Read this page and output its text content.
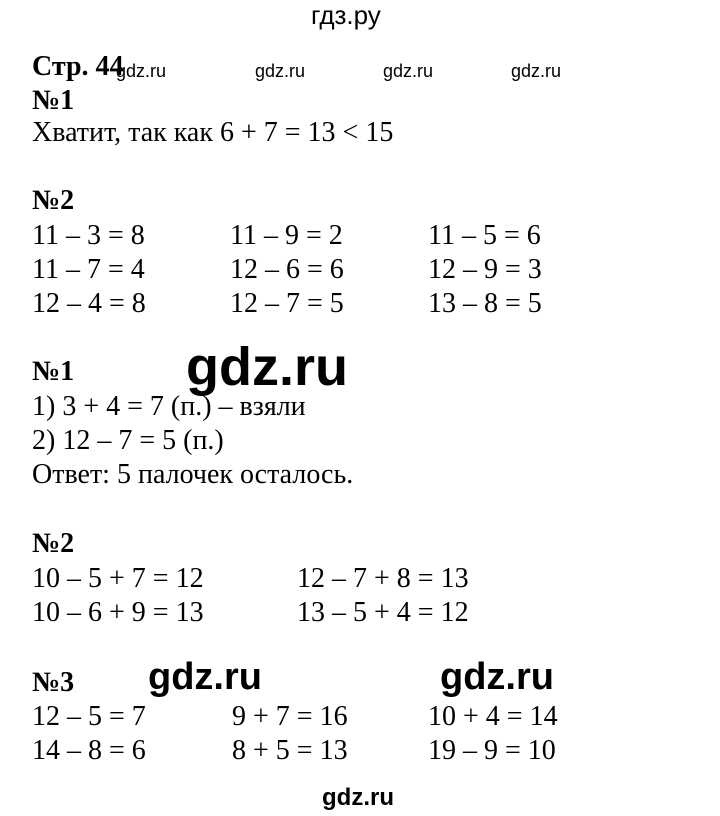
гдз.ру
Стр. 44
gdz.ru	gdz.ru	gdz.ru	gdz.ru
№1
Хватит, так как 6 + 7 = 13 < 15
№2
11 – 3 = 8	11 – 9 = 2	11 – 5 = 6
11 – 7 = 4	12 – 6 = 6	12 – 9 = 3
12 – 4 = 8	12 – 7 = 5	13 – 8 = 5
№1 gdz.ru
1) 3 + 4 = 7 (п.) – взяли
2) 12 – 7 = 5 (п.)
Ответ: 5 палочек осталось.
№2
10 – 5 + 7 = 12	12 – 7 + 8 = 13
10 – 6 + 9 = 13	13 – 5 + 4 = 12
№3 gdz.ru	gdz.ru
12 – 5 = 7	9 + 7 = 16	10 + 4 = 14
14 – 8 = 6	8 + 5 = 13	19 – 9 = 10
gdz.ru
